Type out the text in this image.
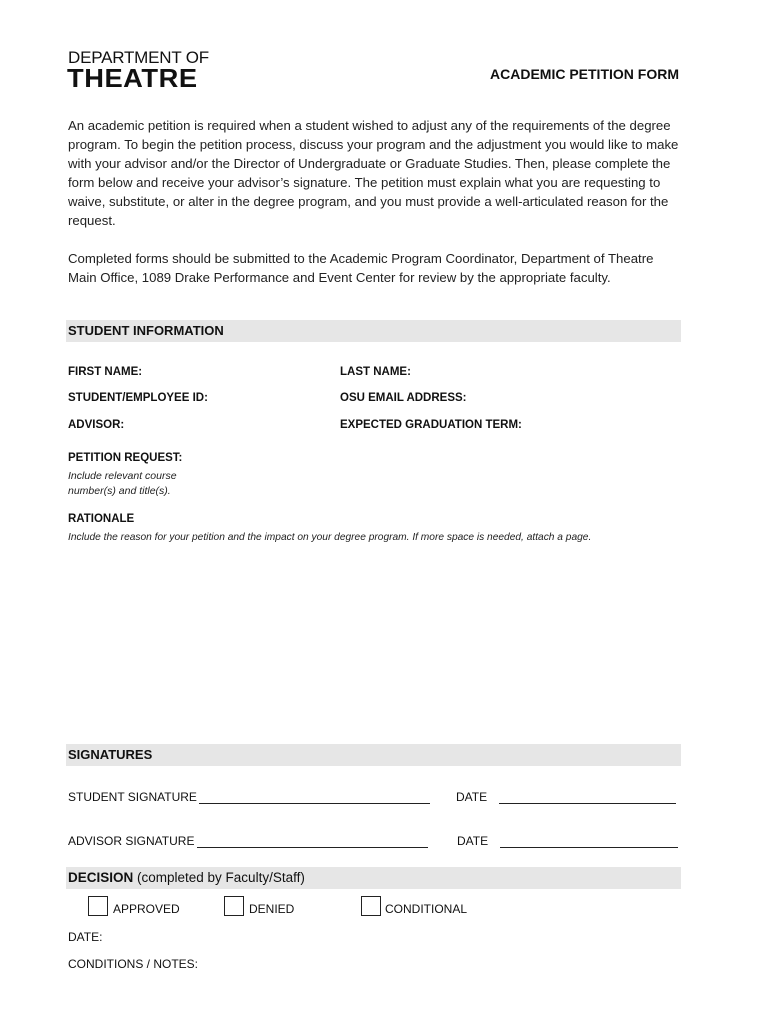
DEPARTMENT OF
THEATRE	ACADEMIC PETITION FORM
An academic petition is required when a student wished to adjust any of the requirements of the degree program. To begin the petition process, discuss your program and the adjustment you would like to make with your advisor and/or the Director of Undergraduate or Graduate Studies. Then, please complete the form below and receive your advisor’s signature. The petition must explain what you are requesting to waive, substitute, or alter in the degree program, and you must provide a well-articulated reason for the request.
Completed forms should be submitted to the Academic Program Coordinator, Department of Theatre Main Office, 1089 Drake Performance and Event Center for review by the appropriate faculty.
STUDENT INFORMATION
FIRST NAME:	LAST NAME:
STUDENT/EMPLOYEE ID:	OSU EMAIL ADDRESS:
ADVISOR:	EXPECTED GRADUATION TERM:
PETITION REQUEST:
Include relevant course
number(s) and title(s).
RATIONALE
Include the reason for your petition and the impact on your degree program. If more space is needed, attach a page.
SIGNATURES
STUDENT SIGNATURE	DATE
ADVISOR SIGNATURE	DATE
DECISION (completed by Faculty/Staff)
APPROVED	DENIED	CONDITIONAL
DATE:
CONDITIONS / NOTES:
